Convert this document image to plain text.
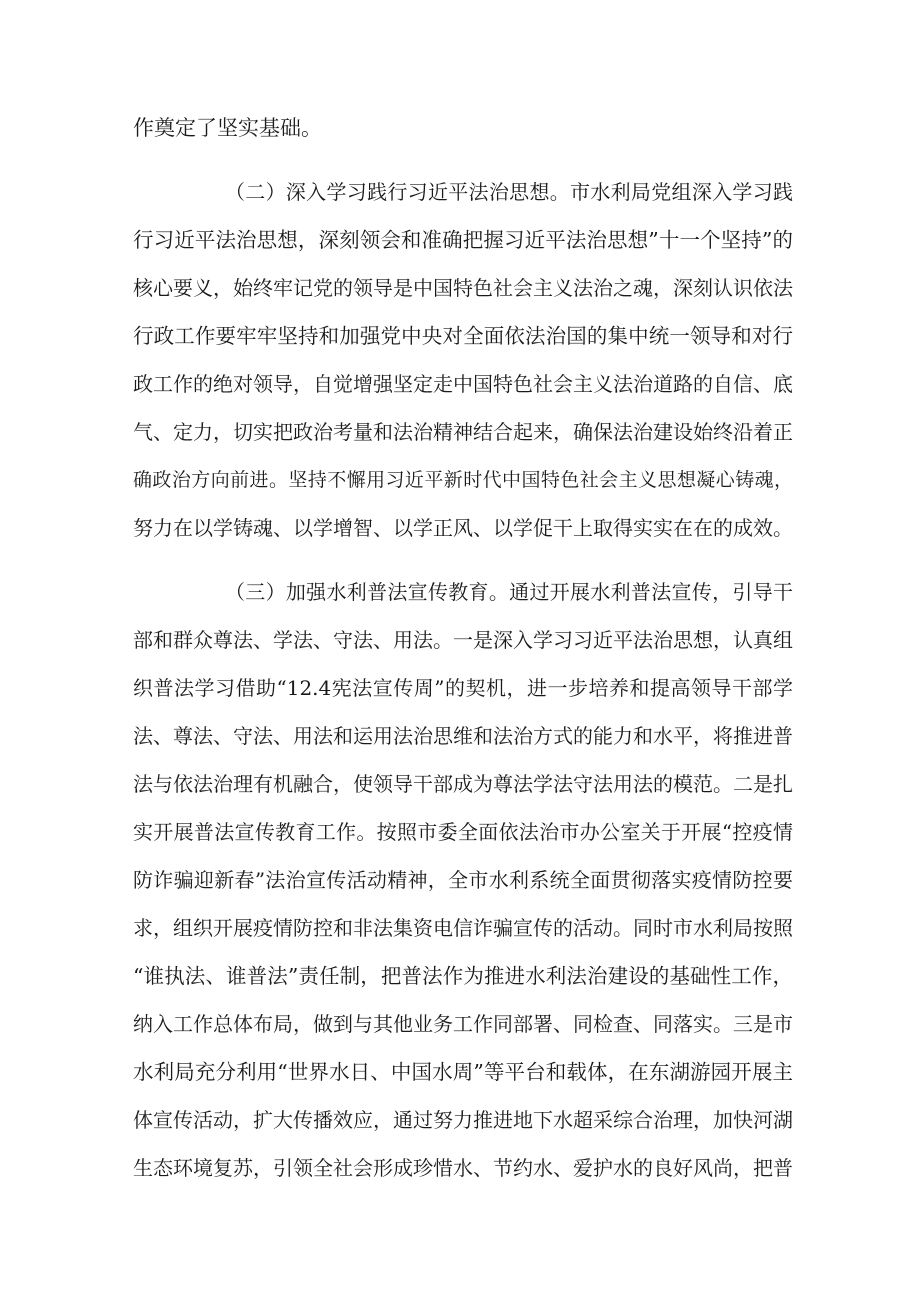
作奠定了坚实基础。
（二）深入学习践行习近平法治思想。市水利局党组深入学习践
行习近平法治思想，深刻领会和准确把握习近平法治思想”十一个坚持”的
核心要义，始终牢记党的领导是中国特色社会主义法治之魂，深刻认识依法
行政工作要牢牢坚持和加强党中央对全面依法治国的集中统一领导和对行
政工作的绝对领导，自觉增强坚定走中国特色社会主义法治道路的自信、底
气、定力，切实把政治考量和法治精神结合起来，确保法治建设始终沿着正
确政治方向前进。坚持不懈用习近平新时代中国特色社会主义思想凝心铸魂，
努力在以学铸魂、以学增智、以学正风、以学促干上取得实实在在的成效。
（三）加强水利普法宣传教育。通过开展水利普法宣传，引导干
部和群众尊法、学法、守法、用法。一是深入学习习近平法治思想，认真组
织普法学习借助“12.4宪法宣传周”的契机，进一步培养和提高领导干部学
法、尊法、守法、用法和运用法治思维和法治方式的能力和水平，将推进普
法与依法治理有机融合，使领导干部成为尊法学法守法用法的模范。二是扎
实开展普法宣传教育工作。按照市委全面依法治市办公室关于开展“控疫情
防诈骗迎新春”法治宣传活动精神，全市水利系统全面贯彻落实疫情防控要
求，组织开展疫情防控和非法集资电信诈骗宣传的活动。同时市水利局按照
“谁执法、谁普法”责任制，把普法作为推进水利法治建设的基础性工作，
纳入工作总体布局，做到与其他业务工作同部署、同检查、同落实。三是市
水利局充分利用“世界水日、中国水周”等平台和载体，在东湖游园开展主
体宣传活动，扩大传播效应，通过努力推进地下水超采综合治理，加快河湖
生态环境复苏，引领全社会形成珍惜水、节约水、爱护水的良好风尚，把普
